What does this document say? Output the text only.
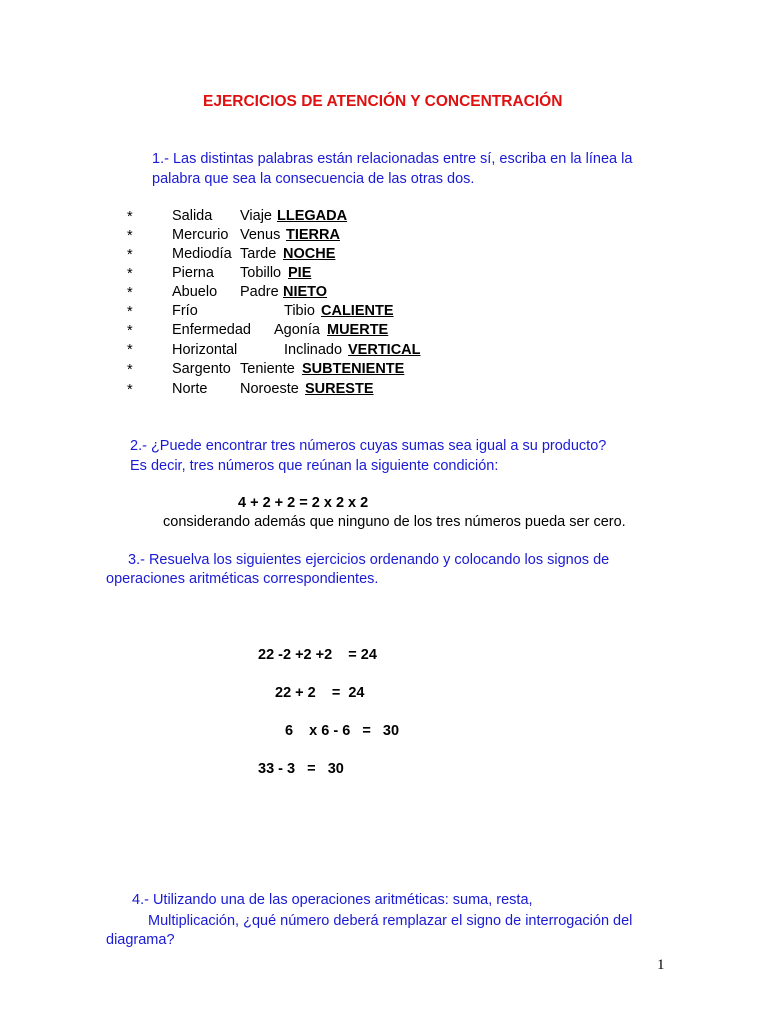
EJERCICIOS DE ATENCIÓN Y CONCENTRACIÓN
1.- Las distintas palabras están relacionadas entre sí, escriba en la línea la
palabra que sea la consecuencia de las otras dos.
*	Salida Viaje LLEGADA
*	Mercurio Venus TIERRA
*	Mediodía Tarde NOCHE
*	Pierna Tobillo PIE
*	Abuelo Padre NIETO
*	Frío	Tibio CALIENTE
*	Enfermedad Agonía MUERTE
*	Horizontal	Inclinado VERTICAL
*	Sargento Teniente SUBTENIENTE
*	Norte Noroeste SURESTE
2.- ¿Puede encontrar tres números cuyas sumas sea igual a su producto?
Es decir, tres números que reúnan la siguiente condición:
4 + 2 + 2 = 2 x 2 x 2
considerando además que ninguno de los tres números pueda ser cero.
3.- Resuelva los siguientes ejercicios ordenando y colocando los signos de
operaciones aritméticas correspondientes.
22 -2 +2 +2    = 24
22 + 2    =  24
6    x 6 - 6   =   30
33 - 3   =   30
4.- Utilizando una de las operaciones aritméticas: suma, resta,
Multiplicación, ¿qué número deberá remplazar el signo de interrogación del
diagrama?
1
